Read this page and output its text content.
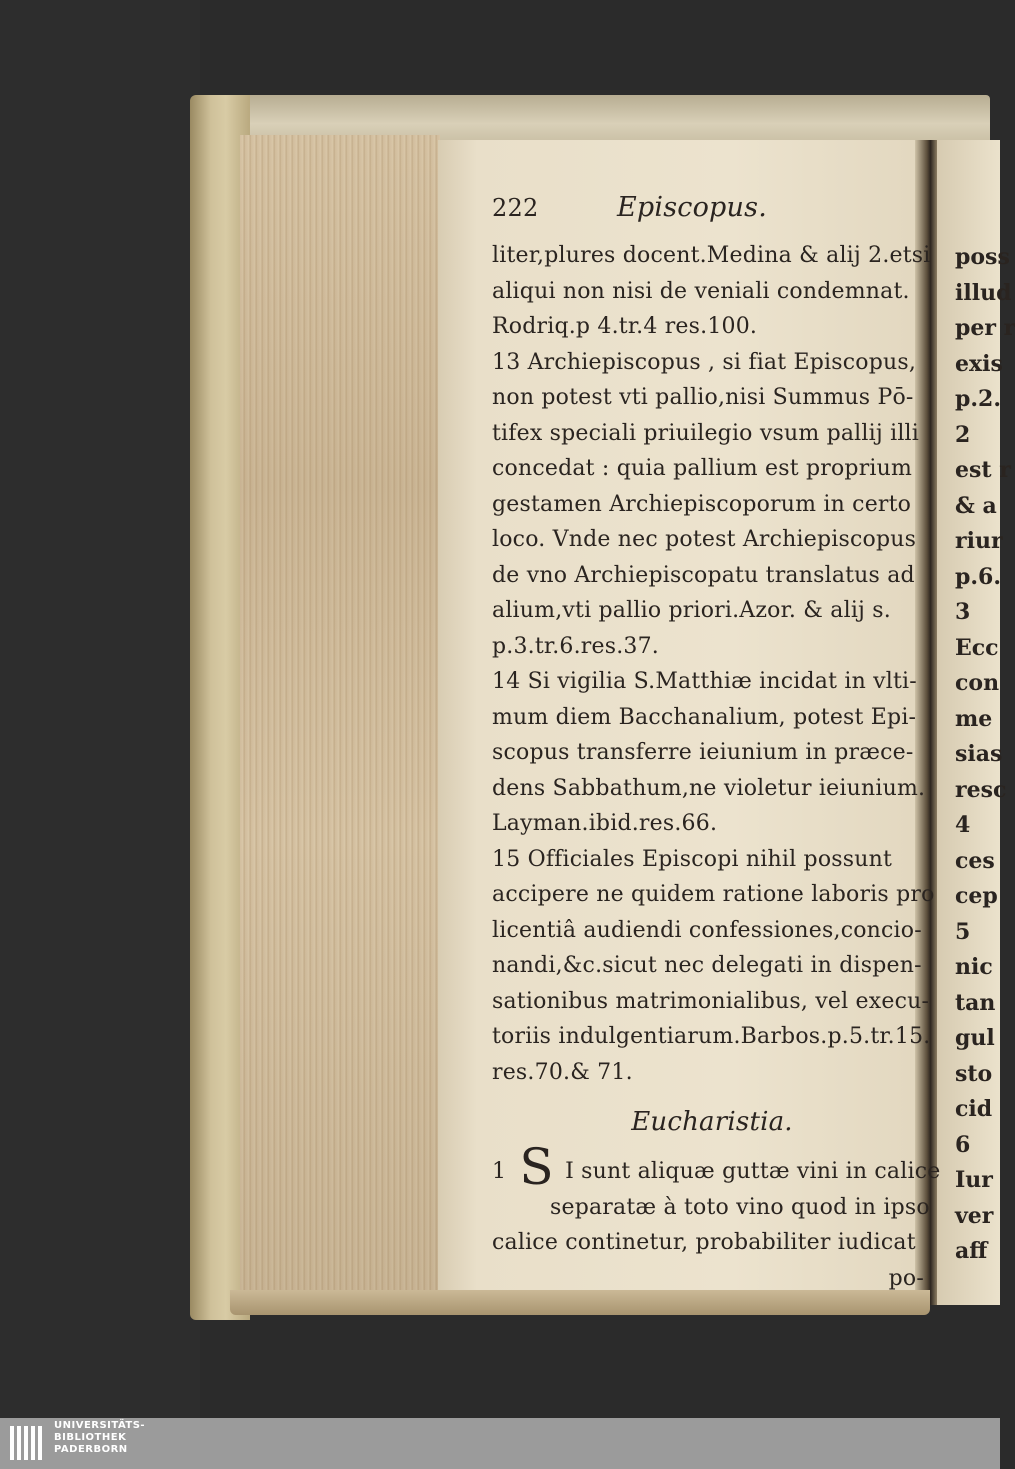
222	Episcopus.
liter,plures docent.Medina & alij 2.etsi
aliqui non nisi de veniali condemnat.
Rodriq.p 4.tr.4 res.100.
13 Archiepiscopus , si fiat Episcopus,
non potest vti pallio,nisi Summus Pō-
tifex speciali priuilegio vsum pallij illi
concedat : quia pallium est proprium
gestamen Archiepiscoporum in certo
loco. Vnde nec potest Archiepiscopus
de vno Archiepiscopatu translatus ad
alium,vti pallio priori.Azor. & alij s.
p.3.tr.6.res.37.
14 Si vigilia S.Matthiæ incidat in vlti-
mum diem Bacchanalium, potest Epi-
scopus transferre ieiunium in præce-
dens Sabbathum,ne violetur ieiunium.
Layman.ibid.res.66.
15 Officiales Episcopi nihil possunt
accipere ne quidem ratione laboris pro
licentiâ audiendi confessiones,concio-
nandi,&c.sicut nec delegati in dispen-
sationibus matrimonialibus, vel execu-
toriis indulgentiarum.Barbos.p.5.tr.15.
res.70.& 71.
Eucharistia.
1 S I sunt aliquæ guttæ vini in calice
separatæ à toto vino quod in ipso
calice continetur, probabiliter iudicat
po-
poss
illud
per r
exis
p.2.
2
est r
& a
riur
p.6.
3
Ecc
con
me
sias
resc
4
ces
cep
5
nic
tan
gul
sto
cid
6
Iur
ver
aff
UNIVERSITÄTS-
BIBLIOTHEK
PADERBORN
